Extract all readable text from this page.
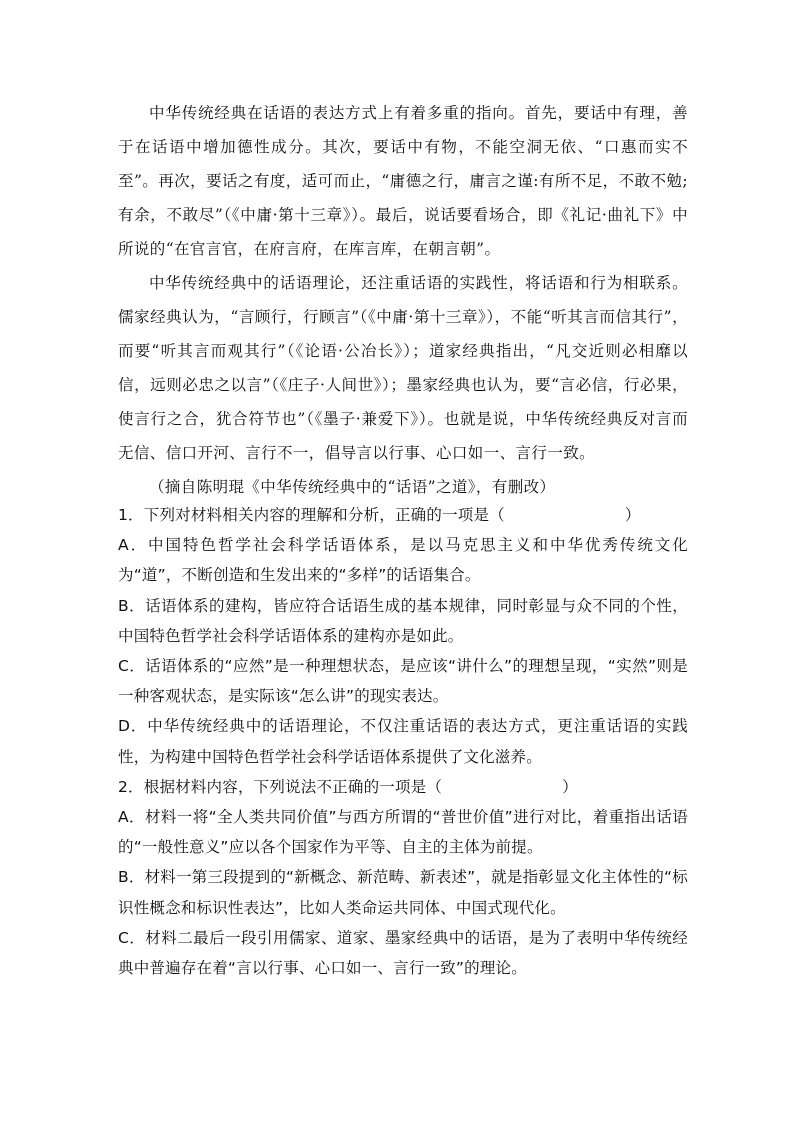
中华传统经典在话语的表达方式上有着多重的指向。首先，要话中有理，善于在话语中增加德性成分。其次，要话中有物，不能空洞无依、“口惠而实不至”。再次，要话之有度，适可而止，“庸德之行，庸言之谨:有所不足，不敢不勉;有余，不敢尽”（《中庸·第十三章》）。最后，说话要看场合，即《礼记·曲礼下》中所说的“在官言官，在府言府，在库言库，在朝言朝”。

中华传统经典中的话语理论，还注重话语的实践性，将话语和行为相联系。儒家经典认为，“言顾行，行顾言”（《中庸·第十三章》），不能“听其言而信其行”，而要“听其言而观其行”（《论语·公冶长》）；道家经典指出，“凡交近则必相靡以信，远则必忠之以言”（《庄子·人间世》）；墨家经典也认为，要“言必信，行必果，使言行之合，犹合符节也”（《墨子·兼爱下》）。也就是说，中华传统经典反对言而无信、信口开河、言行不一，倡导言以行事、心口如一、言行一致。

（摘自陈明琨《中华传统经典中的“话语”之道》，有删改）

1．下列对材料相关内容的理解和分析，正确的一项是（	）

A．中国特色哲学社会科学话语体系，是以马克思主义和中华优秀传统文化为“道”，不断创造和生发出来的“多样”的话语集合。

B．话语体系的建构，皆应符合话语生成的基本规律，同时彰显与众不同的个性，中国特色哲学社会科学话语体系的建构亦是如此。

C．话语体系的“应然”是一种理想状态，是应该“讲什么”的理想呈现，“实然”则是一种客观状态，是实际该“怎么讲”的现实表达。

D．中华传统经典中的话语理论，不仅注重话语的表达方式，更注重话语的实践性，为构建中国特色哲学社会科学话语体系提供了文化滋养。

2．根据材料内容，下列说法不正确的一项是（	）

A．材料一将“全人类共同价值”与西方所谓的“普世价值”进行对比，着重指出话语的“一般性意义”应以各个国家作为平等、自主的主体为前提。

B．材料一第三段提到的“新概念、新范畴、新表述”，就是指彰显文化主体性的“标识性概念和标识性表达”，比如人类命运共同体、中国式现代化。

C．材料二最后一段引用儒家、道家、墨家经典中的话语，是为了表明中华传统经典中普遍存在着“言以行事、心口如一、言行一致”的理论。
